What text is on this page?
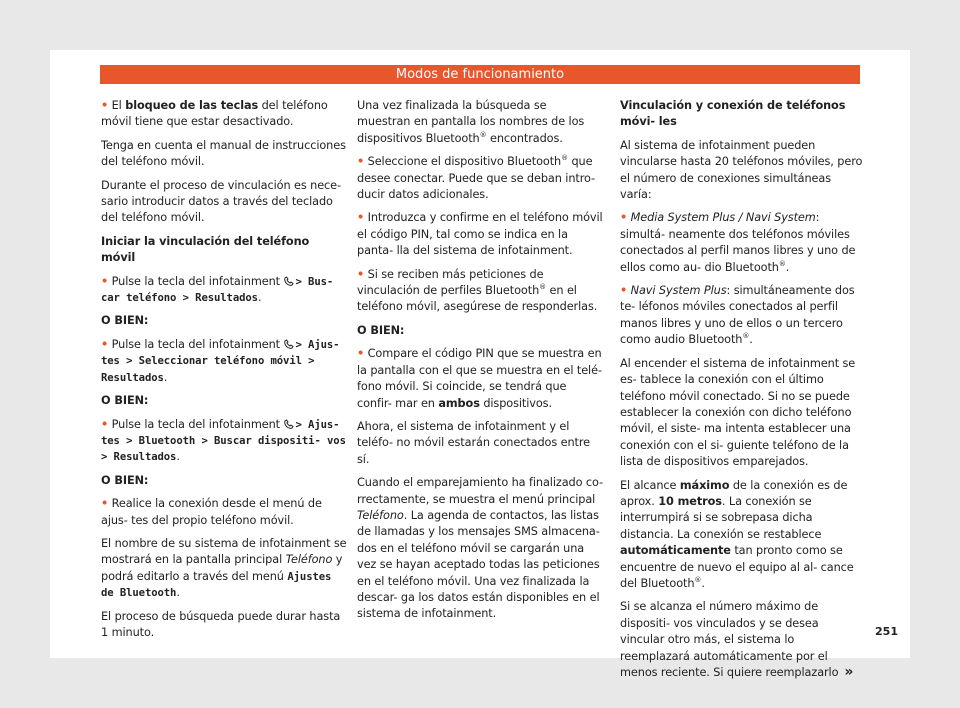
Modos de funcionamiento

• El bloqueo de las teclas del teléfono móvil tiene que estar desactivado.

Tenga en cuenta el manual de instrucciones del teléfono móvil.

Durante el proceso de vinculación es nece- sario introducir datos a través del teclado del teléfono móvil.

Iniciar la vinculación del teléfono móvil

• Pulse la tecla del infotainment > Bus- car teléfono > Resultados.

O BIEN:

• Pulse la tecla del infotainment > Ajus- tes > Seleccionar teléfono móvil > Resultados.

O BIEN:

• Pulse la tecla del infotainment > Ajus- tes > Bluetooth > Buscar dispositi- vos > Resultados.

O BIEN:

• Realice la conexión desde el menú de ajus- tes del propio teléfono móvil.

El nombre de su sistema de infotainment se mostrará en la pantalla principal Teléfono y podrá editarlo a través del menú Ajustes de Bluetooth.

El proceso de búsqueda puede durar hasta 1 minuto.

Una vez finalizada la búsqueda se muestran en pantalla los nombres de los dispositivos Bluetooth® encontrados.

• Seleccione el dispositivo Bluetooth® que desee conectar. Puede que se deban intro- ducir datos adicionales.

• Introduzca y confirme en el teléfono móvil el código PIN, tal como se indica en la panta- lla del sistema de infotainment.

• Si se reciben más peticiones de vinculación de perfiles Bluetooth® en el teléfono móvil, asegúrese de responderlas.

O BIEN:

• Compare el código PIN que se muestra en la pantalla con el que se muestra en el telé- fono móvil. Si coincide, se tendrá que confir- mar en ambos dispositivos.

Ahora, el sistema de infotainment y el teléfo- no móvil estarán conectados entre sí.

Cuando el emparejamiento ha finalizado co- rrectamente, se muestra el menú principal Teléfono. La agenda de contactos, las listas de llamadas y los mensajes SMS almacena- dos en el teléfono móvil se cargarán una vez se hayan aceptado todas las peticiones en el teléfono móvil. Una vez finalizada la descar- ga los datos están disponibles en el sistema de infotainment.

Vinculación y conexión de teléfonos móvi- les

Al sistema de infotainment pueden vincularse hasta 20 teléfonos móviles, pero el número de conexiones simultáneas varía:

• Media System Plus / Navi System: simultá- neamente dos teléfonos móviles conectados al perfil manos libres y uno de ellos como au- dio Bluetooth®.

• Navi System Plus: simultáneamente dos te- léfonos móviles conectados al perfil manos libres y uno de ellos o un tercero como audio Bluetooth®.

Al encender el sistema de infotainment se es- tablece la conexión con el último teléfono móvil conectado. Si no se puede establecer la conexión con dicho teléfono móvil, el siste- ma intenta establecer una conexión con el si- guiente teléfono de la lista de dispositivos emparejados.

El alcance máximo de la conexión es de aprox. 10 metros. La conexión se interrumpirá si se sobrepasa dicha distancia. La conexión se restablece automáticamente tan pronto como se encuentre de nuevo el equipo al al- cance del Bluetooth®.

Si se alcanza el número máximo de dispositi- vos vinculados y se desea vincular otro más, el sistema lo reemplazará automáticamente por el menos reciente. Si quiere reemplazarlo »

251
